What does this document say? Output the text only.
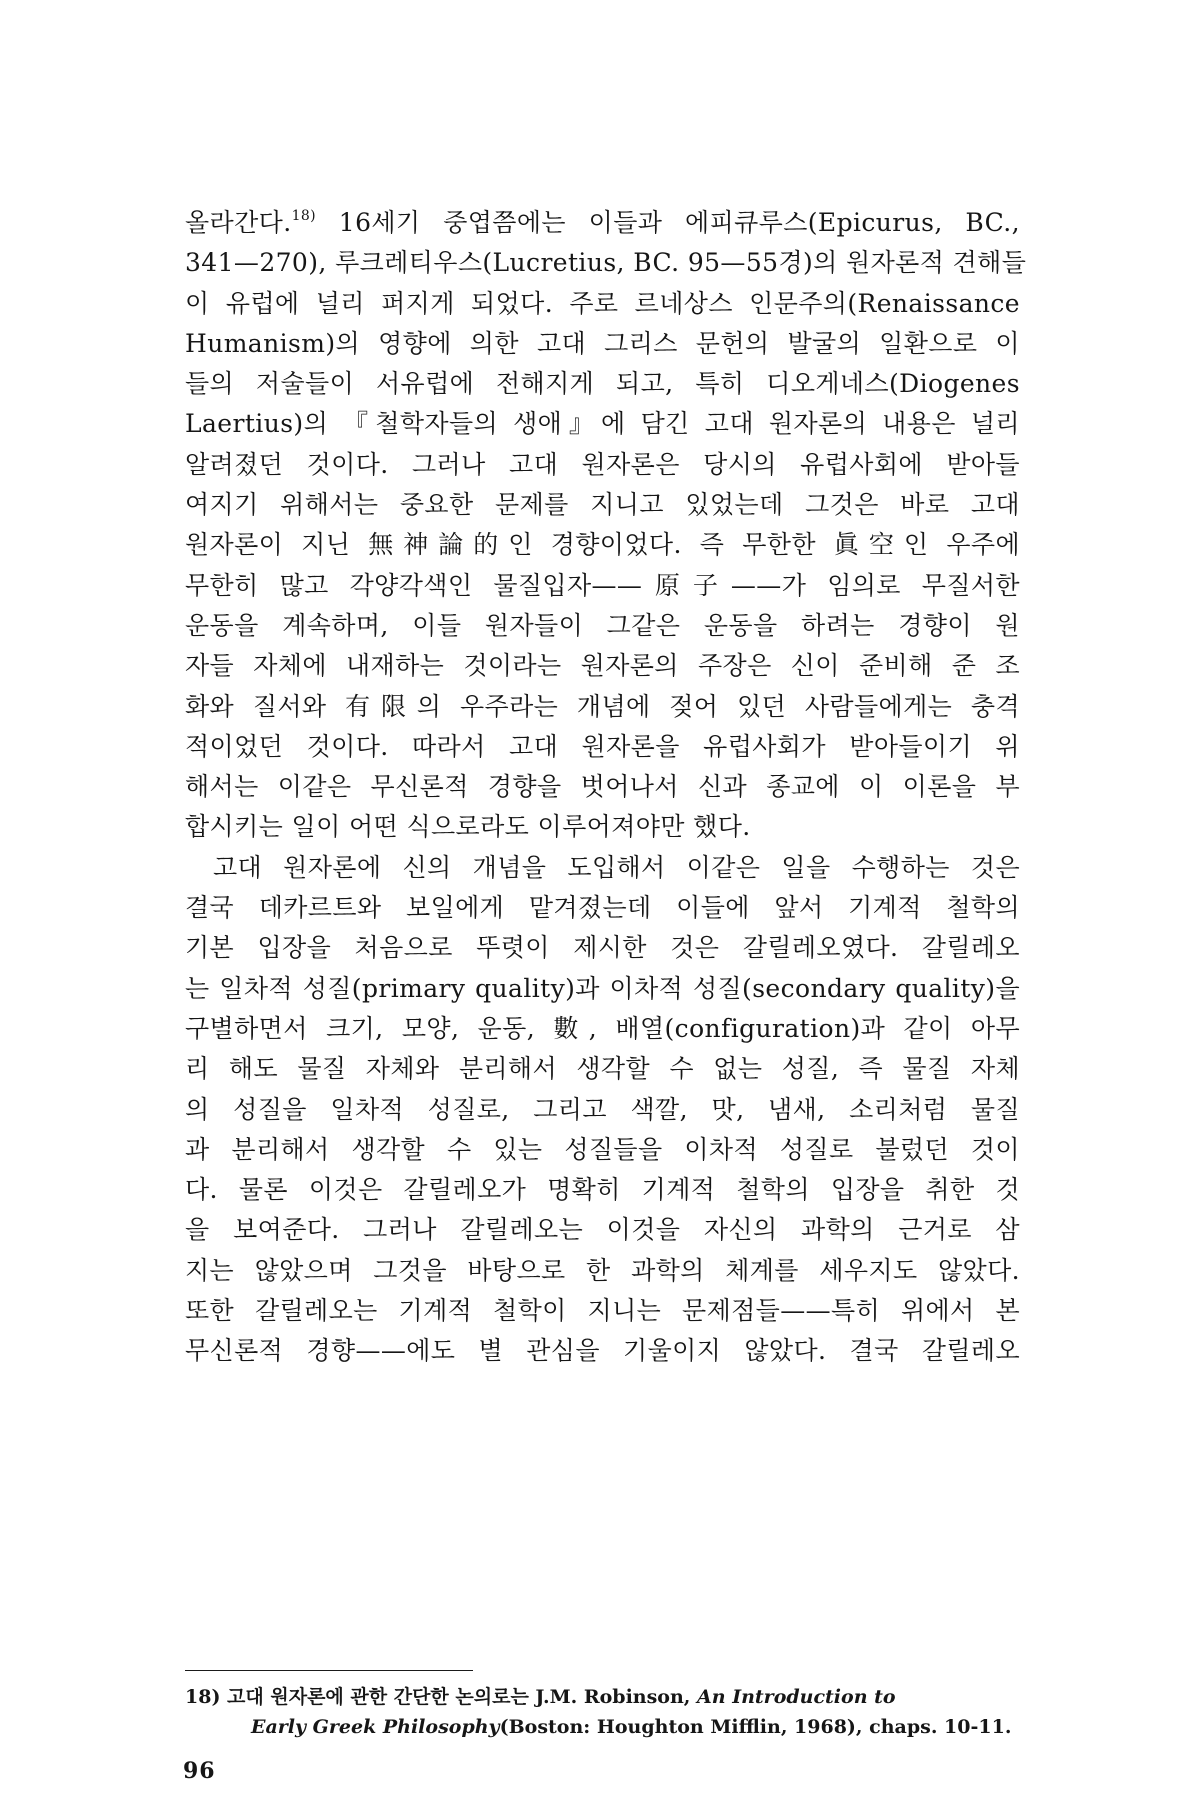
올라간다.$^{18)}$ 16세기 중엽쯤에는 이들과 에피큐루스(Epicurus, BC.,
341—270), 루크레티우스(Lucretius, BC. 95—55경)의 원자론적 견해들
이 유럽에 널리 퍼지게 되었다. 주로 르네상스 인문주의(Renaissance
Humanism)의 영향에 의한 고대 그리스 문헌의 발굴의 일환으로 이
들의 저술들이 서유럽에 전해지게 되고, 특히 디오게네스(Diogenes
Laertius)의 『철학자들의 생애』에 담긴 고대 원자론의 내용은 널리
알려졌던 것이다. 그러나 고대 원자론은 당시의 유럽사회에 받아들
여지기 위해서는 중요한 문제를 지니고 있었는데 그것은 바로 고대
원자론이 지닌 無神論的인 경향이었다. 즉 무한한 眞空인 우주에
무한히 많고 각양각색인 물질입자——原子——가 임의로 무질서한
운동을 계속하며, 이들 원자들이 그같은 운동을 하려는 경향이 원
자들 자체에 내재하는 것이라는 원자론의 주장은 신이 준비해 준 조
화와 질서와 有限의 우주라는 개념에 젖어 있던 사람들에게는 충격
적이었던 것이다. 따라서 고대 원자론을 유럽사회가 받아들이기 위
해서는 이같은 무신론적 경향을 벗어나서 신과 종교에 이 이론을 부
합시키는 일이 어떤 식으로라도 이루어져야만 했다.
고대 원자론에 신의 개념을 도입해서 이같은 일을 수행하는 것은
결국 데카르트와 보일에게 맡겨졌는데 이들에 앞서 기계적 철학의
기본 입장을 처음으로 뚜렷이 제시한 것은 갈릴레오였다. 갈릴레오
는 일차적 성질(primary quality)과 이차적 성질(secondary quality)을
구별하면서 크기, 모양, 운동, 數, 배열(configuration)과 같이 아무
리 해도 물질 자체와 분리해서 생각할 수 없는 성질, 즉 물질 자체
의 성질을 일차적 성질로, 그리고 색깔, 맛, 냄새, 소리처럼 물질
과 분리해서 생각할 수 있는 성질들을 이차적 성질로 불렀던 것이
다. 물론 이것은 갈릴레오가 명확히 기계적 철학의 입장을 취한 것
을 보여준다. 그러나 갈릴레오는 이것을 자신의 과학의 근거로 삼
지는 않았으며 그것을 바탕으로 한 과학의 체계를 세우지도 않았다.
또한 갈릴레오는 기계적 철학이 지니는 문제점들——특히 위에서 본
무신론적 경향——에도 별 관심을 기울이지 않았다. 결국 갈릴레오
18) 고대 원자론에 관한 간단한 논의로는 J.M. Robinson, An Introduction to
Early Greek Philosophy(Boston: Houghton Mifflin, 1968), chaps. 10-11.
96
